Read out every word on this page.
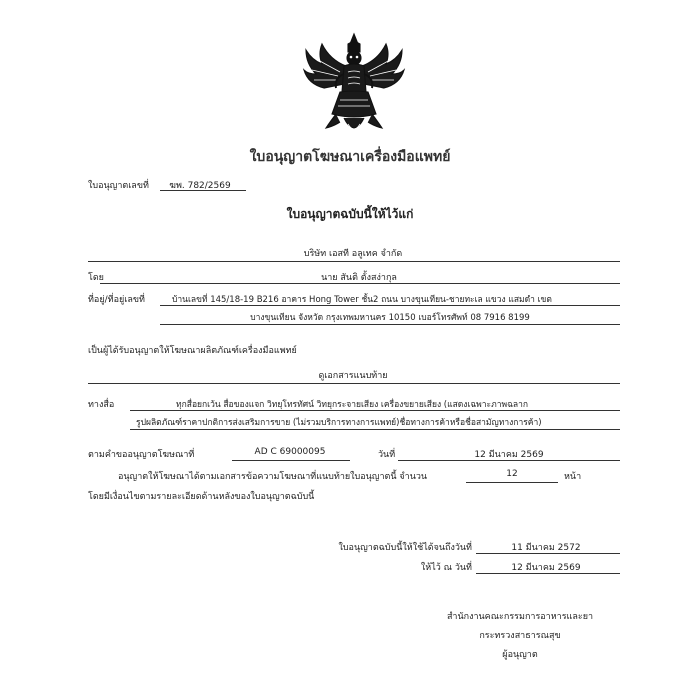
ใบอนุญาตโฆษณาเครื่องมือแพทย์
ใบอนุญาตเลขที่	ฆพ. 782/2569
ใบอนุญาตฉบับนี้ให้ไว้แก่
บริษัท เอสที อลูเทค จำกัด
โดย	นาย สันติ ตั้งสง่ากุล
ที่อยู่/ที่อยู่เลขที่	บ้านเลขที่ 145/18-19 B216 อาคาร Hong Tower ชั้น2 ถนน บางขุนเทียน-ชายทะเล แขวง แสมดำ เขต
บางขุนเทียน จังหวัด กรุงเทพมหานคร 10150 เบอร์โทรศัพท์ 08 7916 8199
เป็นผู้ได้รับอนุญาตให้โฆษณาผลิตภัณฑ์เครื่องมือแพทย์
ดูเอกสารแนบท้าย
ทางสื่อ	ทุกสื่อยกเว้น สื่อของแจก วิทยุโทรทัศน์ วิทยุกระจายเสียง เครื่องขยายเสียง (แสดงเฉพาะภาพฉลาก
รูปผลิตภัณฑ์ราคาปกติการส่งเสริมการขาย (ไม่รวมบริการทางการแพทย์)ชื่อทางการค้าหรือชื่อสามัญทางการค้า)
ตามคำขออนุญาตโฆษณาที่	AD C 69000095	วันที่	12 มีนาคม 2569
อนุญาตให้โฆษณาได้ตามเอกสารข้อความโฆษณาที่แนบท้ายใบอนุญาตนี้ จำนวน	12	หน้า
โดยมีเงื่อนไขตามรายละเอียดด้านหลังของใบอนุญาตฉบับนี้
ใบอนุญาตฉบับนี้ให้ใช้ได้จนถึงวันที่	11 มีนาคม 2572
ให้ไว้ ณ วันที่	12 มีนาคม 2569
สำนักงานคณะกรรมการอาหารและยา
กระทรวงสาธารณสุข
ผู้อนุญาต
